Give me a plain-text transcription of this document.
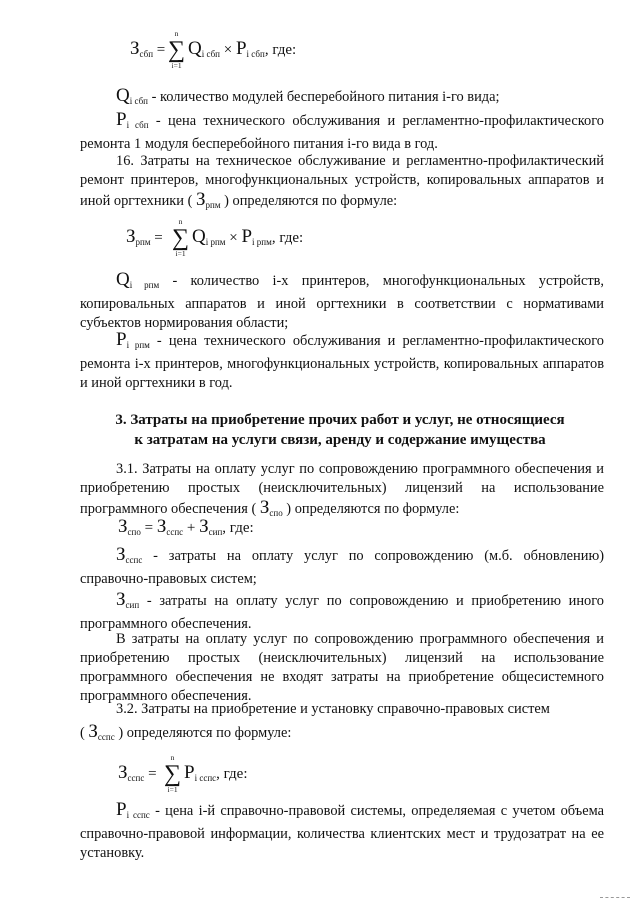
$З_{сбп}$ =
n
∑
i=1
$Q_{i сбп} \times P_{i сбп}$, где:
$Q_{i сбп}$ - количество модулей бесперебойного питания i-го вида;
$P_{i сбп}$ - цена технического обслуживания и регламентно-профилактического ремонта 1 модуля бесперебойного питания i-го вида в год.
16. Затраты на техническое обслуживание и регламентно-профилактический ремонт принтеров, многофункциональных устройств, копировальных аппаратов и иной оргтехники ( $З_{рпм}$ ) определяются по формуле:
$З_{рпм}$ =
n
∑
i=1
$Q_{i рпм} \times P_{i рпм}$, где:
$Q_{i рпм}$ - количество i-х принтеров, многофункциональных устройств, копировальных аппаратов и иной оргтехники в соответствии с нормативами субъектов нормирования области;
$P_{i рпм}$ - цена технического обслуживания и регламентно-профилактического ремонта i-х принтеров, многофункциональных устройств, копировальных аппаратов и иной оргтехники в год.
3. Затраты на приобретение прочих работ и услуг, не относящиеся
к затратам на услуги связи, аренду и содержание имущества
3.1. Затраты на оплату услуг по сопровождению программного обеспечения и приобретению простых (неисключительных) лицензий на использование программного обеспечения ( $З_{спо}$ ) определяются по формуле:
$З_{спо} = З_{сспс} + З_{сип}$, где:
$З_{сспс}$ - затраты на оплату услуг по сопровождению (м.б. обновлению) справочно-правовых систем;
$З_{сип}$ - затраты на оплату услуг по сопровождению и приобретению иного программного обеспечения.
В затраты на оплату услуг по сопровождению программного обеспечения и приобретению простых (неисключительных) лицензий на использование программного обеспечения не входят затраты на приобретение общесистемного программного обеспечения.
3.2. Затраты на приобретение и установку справочно-правовых систем
( $З_{сспс}$ ) определяются по формуле:
$З_{сспс}$ =
n
∑
i=1
$P_{i сспс}$, где:
$P_{i сспс}$ - цена i-й справочно-правовой системы, определяемая с учетом объема справочно-правовой информации, количества клиентских мест и трудозатрат на ее установку.
